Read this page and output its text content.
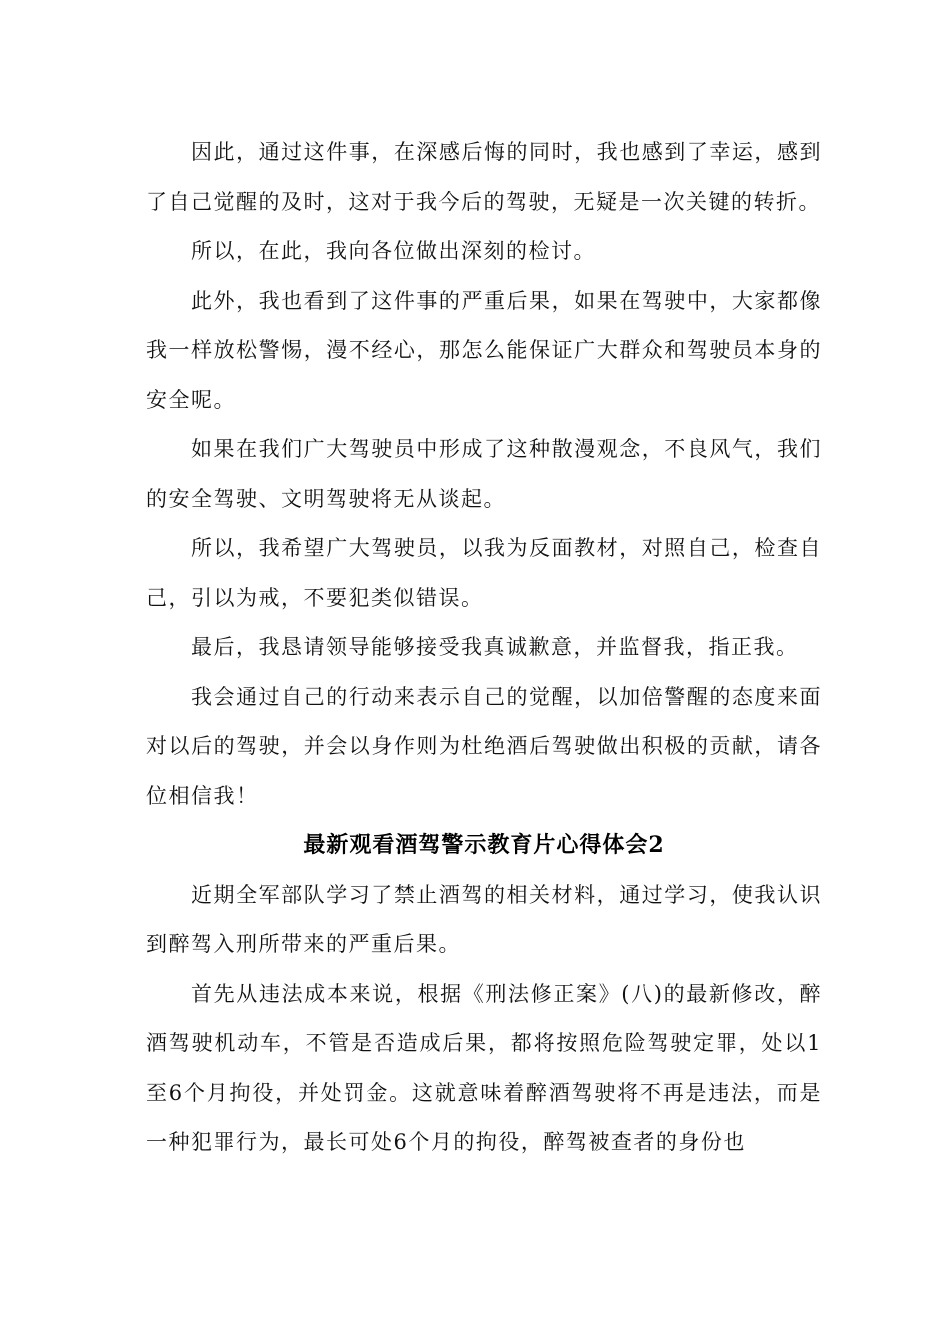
因此，通过这件事，在深感后悔的同时，我也感到了幸运，感到了自己觉醒的及时，这对于我今后的驾驶，无疑是一次关键的转折。

所以，在此，我向各位做出深刻的检讨。

此外，我也看到了这件事的严重后果，如果在驾驶中，大家都像我一样放松警惕，漫不经心，那怎么能保证广大群众和驾驶员本身的安全呢。

如果在我们广大驾驶员中形成了这种散漫观念，不良风气，我们的安全驾驶、文明驾驶将无从谈起。

所以，我希望广大驾驶员，以我为反面教材，对照自己，检查自己，引以为戒，不要犯类似错误。

最后，我恳请领导能够接受我真诚歉意，并监督我，指正我。

我会通过自己的行动来表示自己的觉醒，以加倍警醒的态度来面对以后的驾驶，并会以身作则为杜绝酒后驾驶做出积极的贡献，请各位相信我！

最新观看酒驾警示教育片心得体会2

近期全军部队学习了禁止酒驾的相关材料，通过学习，使我认识到醉驾入刑所带来的严重后果。

首先从违法成本来说，根据《刑法修正案》(八)的最新修改，醉酒驾驶机动车，不管是否造成后果，都将按照危险驾驶定罪，处以1至6个月拘役，并处罚金。这就意味着醉酒驾驶将不再是违法，而是一种犯罪行为，最长可处6个月的拘役，醉驾被查者的身份也
